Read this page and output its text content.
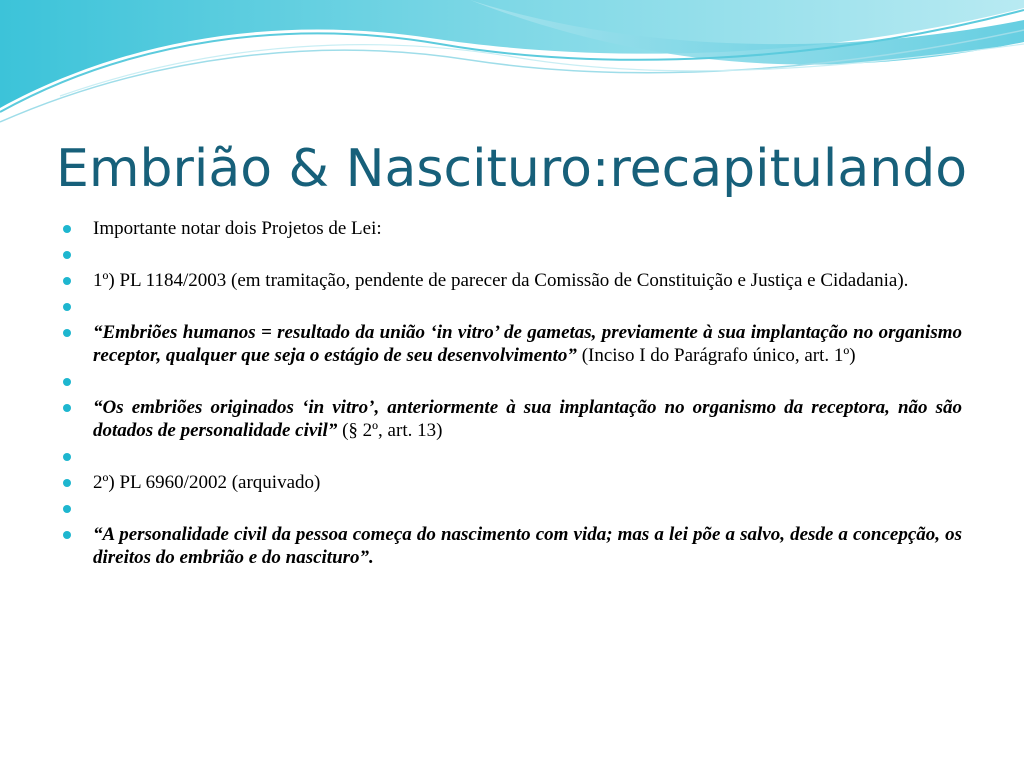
Embrião & Nascituro:recapitulando
Importante notar dois Projetos de Lei:
1º) PL 1184/2003 (em tramitação, pendente de parecer da Comissão de Constituição e Justiça e Cidadania).
“Embriões humanos = resultado da união ‘in vitro’ de gametas, previamente à sua implantação no organismo receptor, qualquer que seja o estágio de seu desenvolvimento” (Inciso I do Parágrafo único, art. 1º)
“Os embriões originados ‘in vitro’, anteriormente à sua implantação no organismo da receptora, não são dotados de personalidade civil” (§ 2º, art. 13)
2º) PL 6960/2002 (arquivado)
“A personalidade civil da pessoa começa do nascimento com vida; mas a lei põe a salvo, desde a concepção, os direitos do embrião e do nascituro”.
